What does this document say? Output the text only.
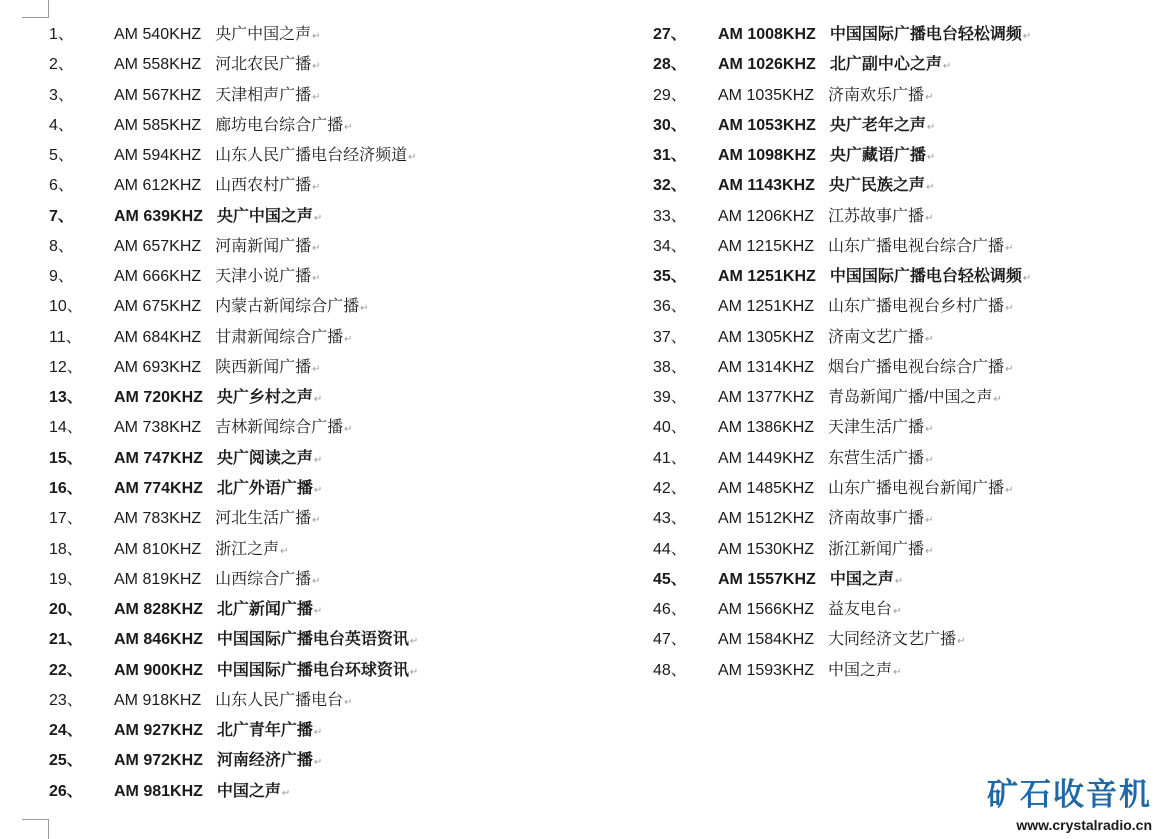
1、	AM 540KHZ 央广中国之声↵
2、	AM 558KHZ 河北农民广播↵
3、	AM 567KHZ 天津相声广播↵
4、	AM 585KHZ 廊坊电台综合广播↵
5、	AM 594KHZ 山东人民广播电台经济频道↵
6、	AM 612KHZ 山西农村广播↵
7、	AM 639KHZ 央广中国之声↵
8、	AM 657KHZ 河南新闻广播↵
9、	AM 666KHZ 天津小说广播↵
10、 AM 675KHZ 内蒙古新闻综合广播↵
11、 AM 684KHZ 甘肃新闻综合广播↵
12、 AM 693KHZ 陕西新闻广播↵
13、 AM 720KHZ 央广乡村之声↵
14、 AM 738KHZ 吉林新闻综合广播↵
15、 AM 747KHZ 央广阅读之声↵
16、 AM 774KHZ 北广外语广播↵
17、 AM 783KHZ 河北生活广播↵
18、 AM 810KHZ 浙江之声↵
19、 AM 819KHZ 山西综合广播↵
20、 AM 828KHZ 北广新闻广播↵
21、 AM 846KHZ 中国国际广播电台英语资讯↵
22、 AM 900KHZ 中国国际广播电台环球资讯↵
23、 AM 918KHZ 山东人民广播电台↵
24、 AM 927KHZ 北广青年广播↵
25、 AM 972KHZ 河南经济广播↵
26、 AM 981KHZ 中国之声↵
27、 AM 1008KHZ 中国国际广播电台轻松调频↵
28、 AM 1026KHZ 北广副中心之声↵
29、 AM 1035KHZ 济南欢乐广播↵
30、 AM 1053KHZ 央广老年之声↵
31、 AM 1098KHZ 央广藏语广播↵
32、 AM 1143KHZ 央广民族之声↵
33、 AM 1206KHZ 江苏故事广播↵
34、 AM 1215KHZ 山东广播电视台综合广播↵
35、 AM 1251KHZ 中国国际广播电台轻松调频↵
36、 AM 1251KHZ 山东广播电视台乡村广播↵
37、 AM 1305KHZ 济南文艺广播↵
38、 AM 1314KHZ 烟台广播电视台综合广播↵
39、 AM 1377KHZ 青岛新闻广播/中国之声↵
40、 AM 1386KHZ 天津生活广播↵
41、 AM 1449KHZ 东营生活广播↵
42、 AM 1485KHZ 山东广播电视台新闻广播↵
43、 AM 1512KHZ 济南故事广播↵
44、 AM 1530KHZ 浙江新闻广播↵
45、 AM 1557KHZ 中国之声↵
46、 AM 1566KHZ 益友电台↵
47、 AM 1584KHZ 大同经济文艺广播↵
48、 AM 1593KHZ 中国之声↵
矿石收音机
www.crystalradio.cn
